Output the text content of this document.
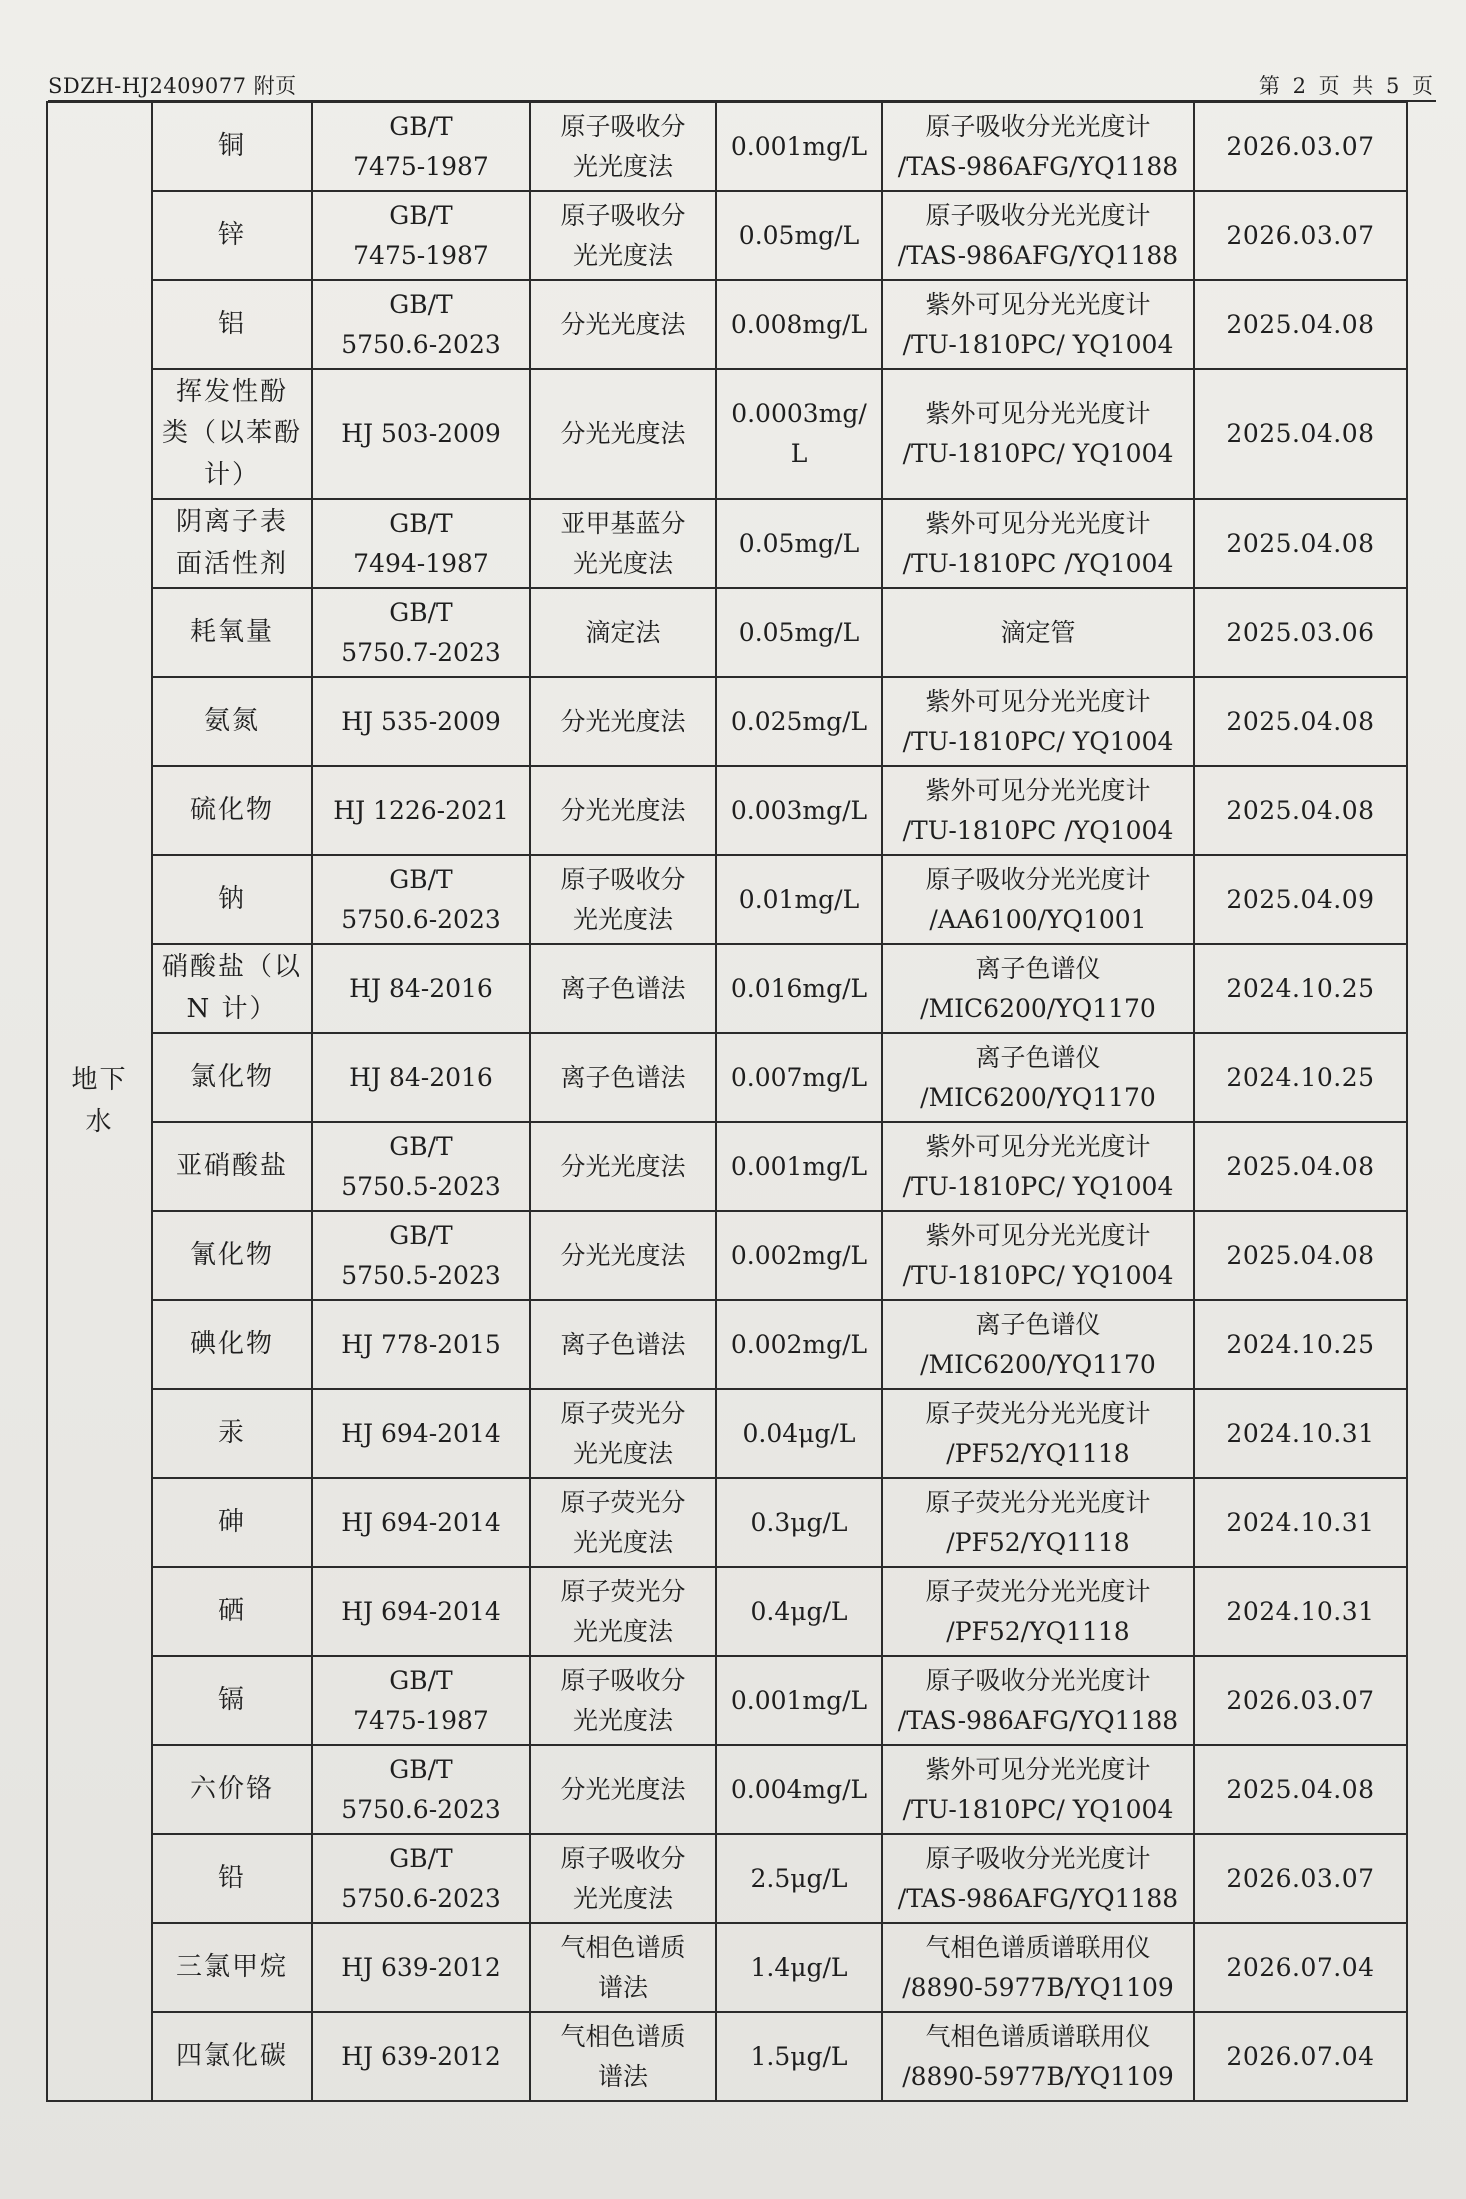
SDZH-HJ2409077 附页	第 2 页 共 5 页
地下
水	铜	GB/T
7475-1987	原子吸收分
光光度法	0.001mg/L	原子吸收分光光度计
/TAS-986AFG/YQ1188	2026.03.07

	锌	GB/T
7475-1987	原子吸收分
光光度法	0.05mg/L	原子吸收分光光度计
/TAS-986AFG/YQ1188	2026.03.07

	铝	GB/T
5750.6-2023	分光光度法	0.008mg/L	紫外可见分光光度计
/TU-1810PC/ YQ1004	2025.04.08

	挥发性酚
类（以苯酚
计）	HJ 503-2009	分光光度法	0.0003mg/
L	紫外可见分光光度计
/TU-1810PC/ YQ1004	2025.04.08

	阴离子表
面活性剂	GB/T
7494-1987	亚甲基蓝分
光光度法	0.05mg/L	紫外可见分光光度计
/TU-1810PC /YQ1004	2025.04.08

	耗氧量	GB/T
5750.7-2023	滴定法	0.05mg/L	滴定管	2025.03.06

	氨氮	HJ 535-2009	分光光度法	0.025mg/L	紫外可见分光光度计
/TU-1810PC/ YQ1004	2025.04.08

	硫化物	HJ 1226-2021	分光光度法	0.003mg/L	紫外可见分光光度计
/TU-1810PC /YQ1004	2025.04.08

	钠	GB/T
5750.6-2023	原子吸收分
光光度法	0.01mg/L	原子吸收分光光度计
/AA6100/YQ1001	2025.04.09

	硝酸盐（以
N 计）	HJ 84-2016	离子色谱法	0.016mg/L	离子色谱仪
/MIC6200/YQ1170	2024.10.25

	氯化物	HJ 84-2016	离子色谱法	0.007mg/L	离子色谱仪
/MIC6200/YQ1170	2024.10.25

	亚硝酸盐	GB/T
5750.5-2023	分光光度法	0.001mg/L	紫外可见分光光度计
/TU-1810PC/ YQ1004	2025.04.08

	氰化物	GB/T
5750.5-2023	分光光度法	0.002mg/L	紫外可见分光光度计
/TU-1810PC/ YQ1004	2025.04.08

	碘化物	HJ 778-2015	离子色谱法	0.002mg/L	离子色谱仪
/MIC6200/YQ1170	2024.10.25

	汞	HJ 694-2014	原子荧光分
光光度法	0.04μg/L	原子荧光分光光度计
/PF52/YQ1118	2024.10.31

	砷	HJ 694-2014	原子荧光分
光光度法	0.3μg/L	原子荧光分光光度计
/PF52/YQ1118	2024.10.31

	硒	HJ 694-2014	原子荧光分
光光度法	0.4μg/L	原子荧光分光光度计
/PF52/YQ1118	2024.10.31

	镉	GB/T
7475-1987	原子吸收分
光光度法	0.001mg/L	原子吸收分光光度计
/TAS-986AFG/YQ1188	2026.03.07

	六价铬	GB/T
5750.6-2023	分光光度法	0.004mg/L	紫外可见分光光度计
/TU-1810PC/ YQ1004	2025.04.08

	铅	GB/T
5750.6-2023	原子吸收分
光光度法	2.5μg/L	原子吸收分光光度计
/TAS-986AFG/YQ1188	2026.03.07

	三氯甲烷	HJ 639-2012	气相色谱质
谱法	1.4μg/L	气相色谱质谱联用仪
/8890-5977B/YQ1109	2026.07.04

	四氯化碳	HJ 639-2012	气相色谱质
谱法	1.5μg/L	气相色谱质谱联用仪
/8890-5977B/YQ1109	2026.07.04
